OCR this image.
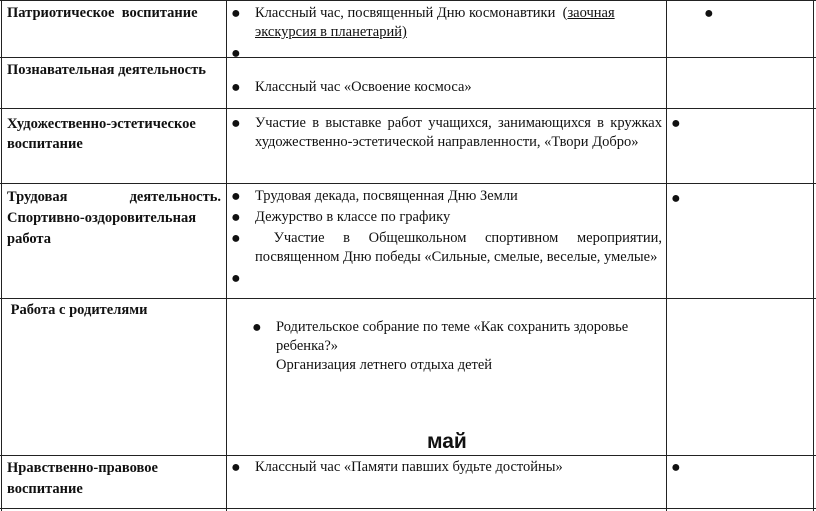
Патриотическое  воспитание ● Классный час, посвященный Дню космонавтики  (заочная экскурсия в планетарий)
●

●
Познавательная деятельность
● Классный час «Освоение космоса»
Художественно-эстетическое воспитание
● Участие в выставке работ учащихся, занимающихся в кружках художественно-эстетической направленности, «Твори Добро»
●
Трудовая	деятельность.
Спортивно-оздоровительная
работа
● Трудовая декада, посвященная Дню Земли
● Дежурство в классе по графику
● Участие в Общешкольном спортивном мероприятии, посвященном Дню победы «Сильные, смелые, веселые, умелые»
●

●
Работа с родителями
● Родительское собрание по теме «Как сохранить здоровье ребенка?»
Организация летнего отдыха детей
май
Нравственно-правовое воспитание
● Классный час «Памяти павших будьте достойны»	●
